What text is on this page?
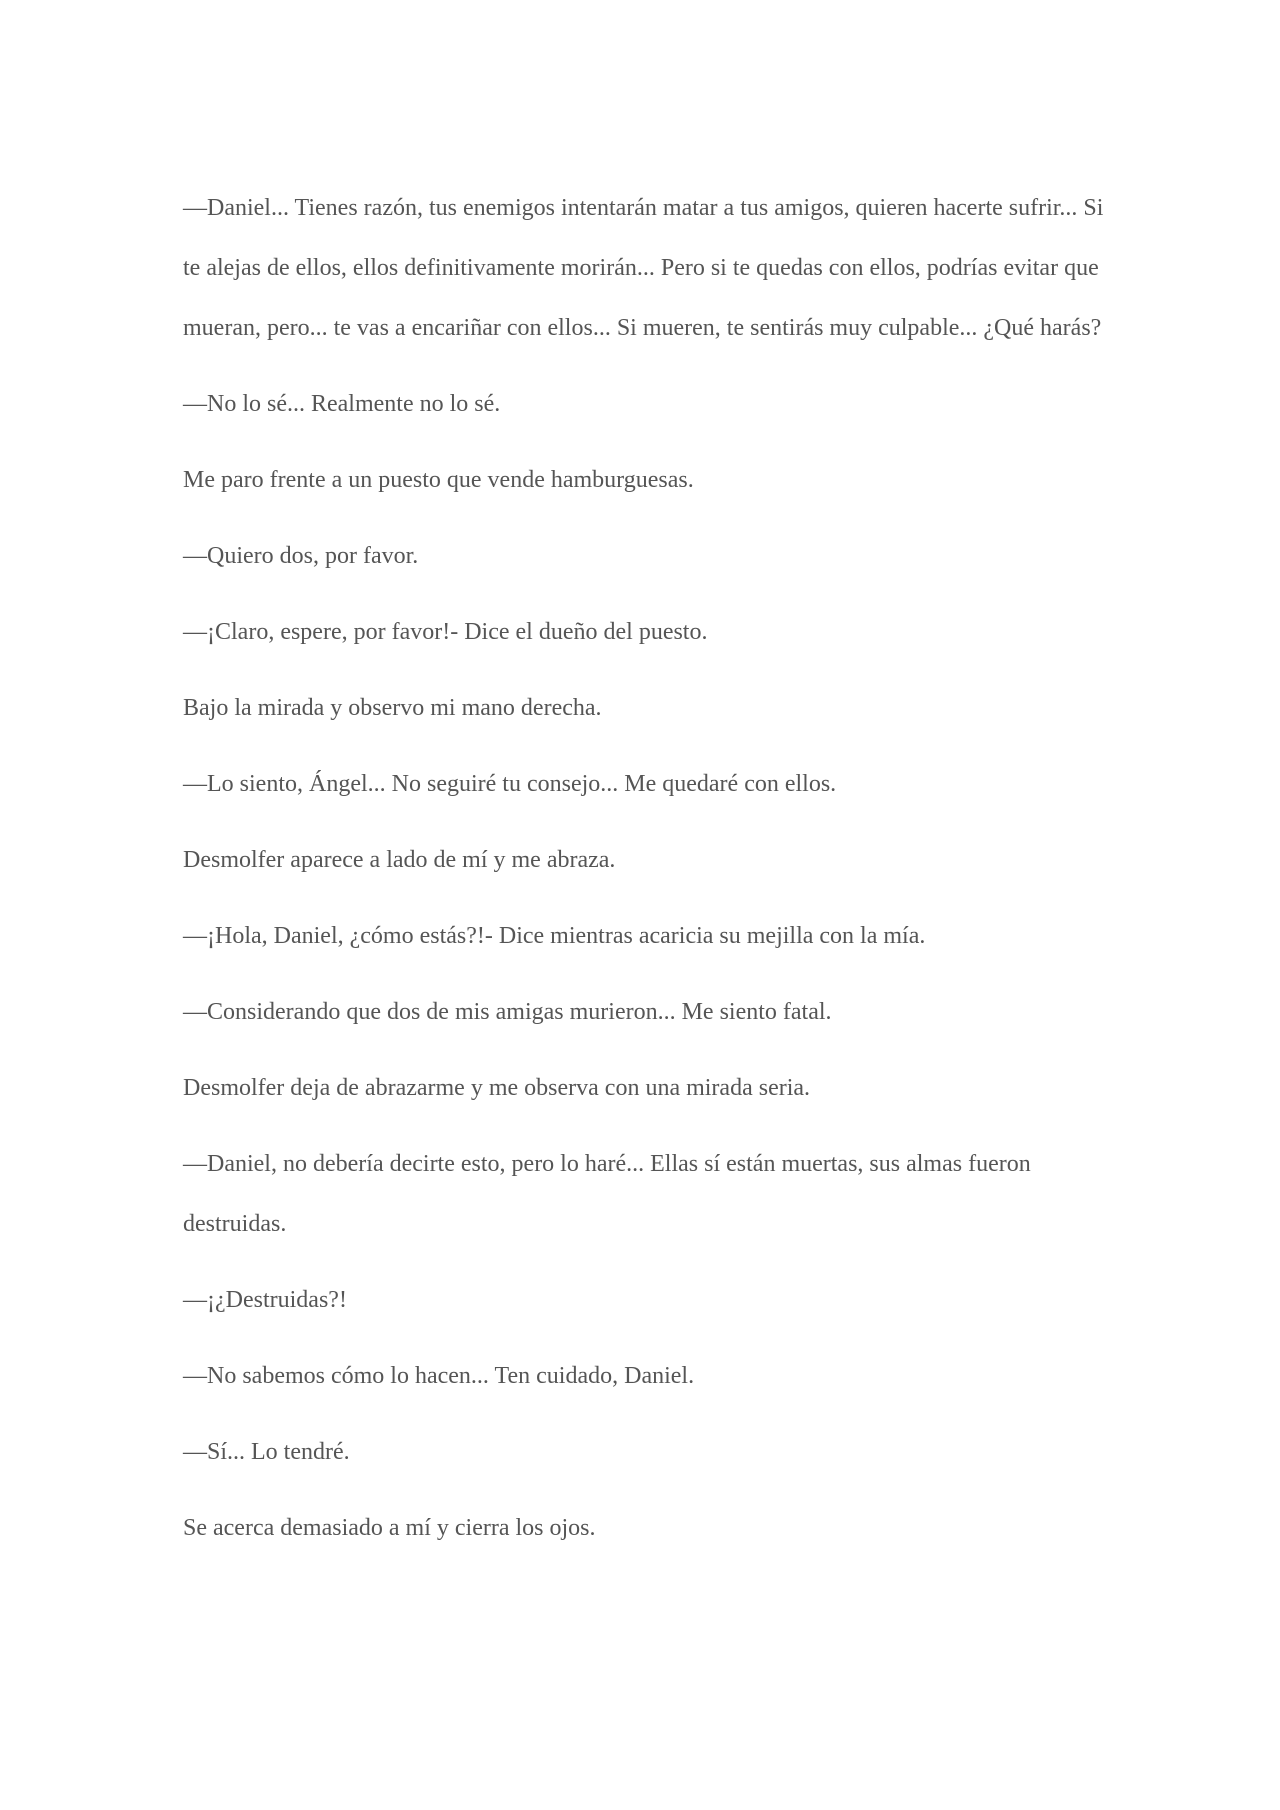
—Daniel... Tienes razón, tus enemigos intentarán matar a tus amigos, quieren hacerte sufrir... Si te alejas de ellos, ellos definitivamente morirán... Pero si te quedas con ellos, podrías evitar que mueran, pero... te vas a encariñar con ellos... Si mueren, te sentirás muy culpable... ¿Qué harás?

—No lo sé... Realmente no lo sé.

Me paro frente a un puesto que vende hamburguesas.

—Quiero dos, por favor.

—¡Claro, espere, por favor!- Dice el dueño del puesto.

Bajo la mirada y observo mi mano derecha.

—Lo siento, Ángel... No seguiré tu consejo... Me quedaré con ellos.

Desmolfer aparece a lado de mí y me abraza.

—¡Hola, Daniel, ¿cómo estás?!- Dice mientras acaricia su mejilla con la mía.

—Considerando que dos de mis amigas murieron... Me siento fatal.

Desmolfer deja de abrazarme y me observa con una mirada seria.

—Daniel, no debería decirte esto, pero lo haré... Ellas sí están muertas, sus almas fueron destruidas.

—¡¿Destruidas?!

—No sabemos cómo lo hacen... Ten cuidado, Daniel.

—Sí... Lo tendré.

Se acerca demasiado a mí y cierra los ojos.
